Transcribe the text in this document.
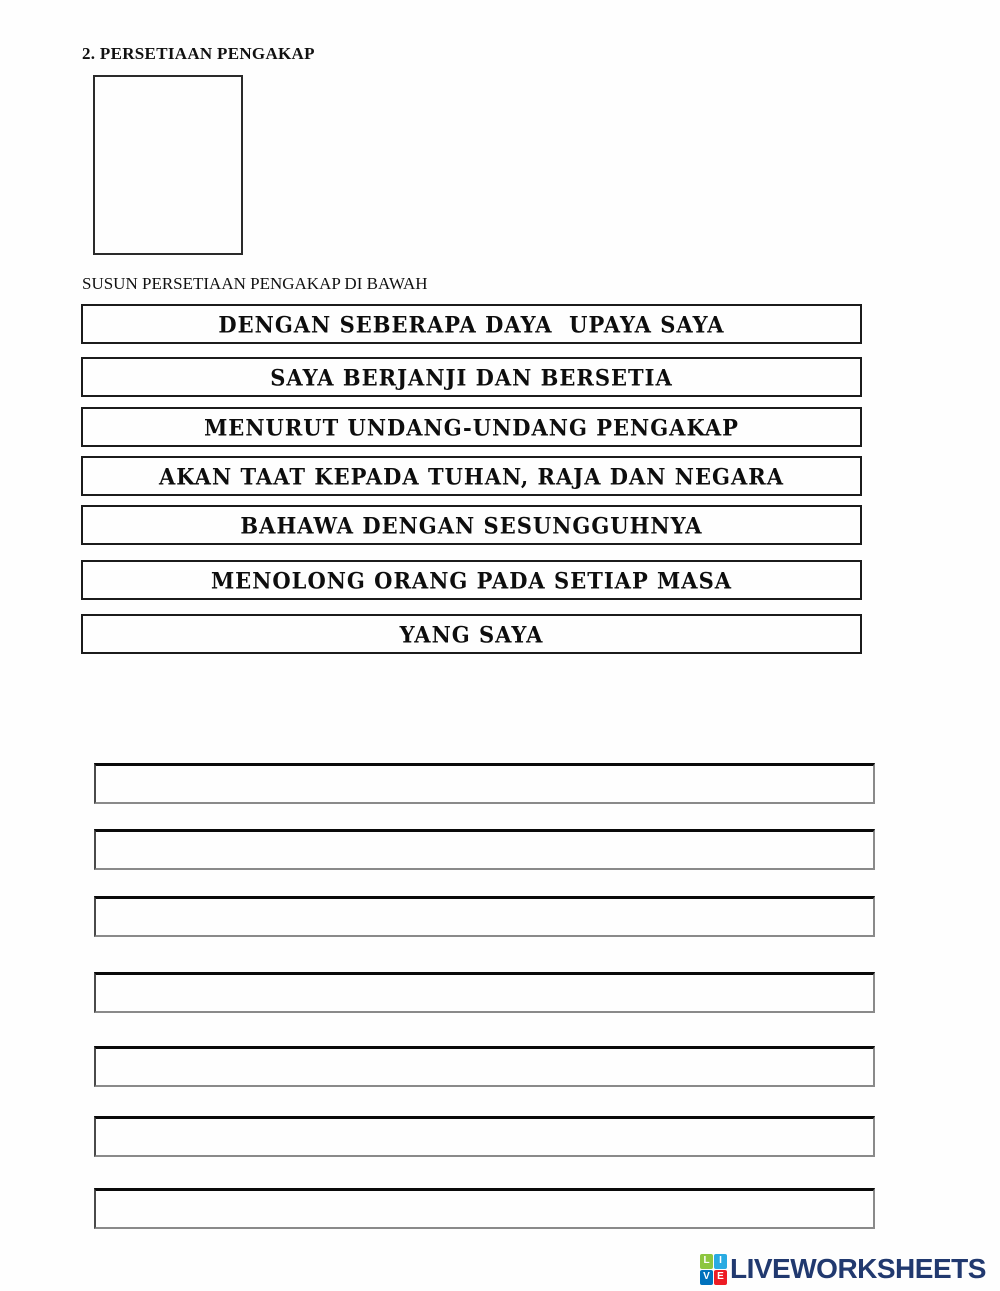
2. PERSETIAAN PENGAKAP
SUSUN PERSETIAAN PENGAKAP DI BAWAH
DENGAN SEBERAPA DAYA  UPAYA SAYA
SAYA BERJANJI DAN BERSETIA
MENURUT UNDANG-UNDANG PENGAKAP
AKAN TAAT KEPADA TUHAN, RAJA DAN NEGARA
BAHAWA DENGAN SESUNGGUHNYA
MENOLONG ORANG PADA SETIAP MASA
YANG SAYA
L I
V E LIVEWORKSHEETS
